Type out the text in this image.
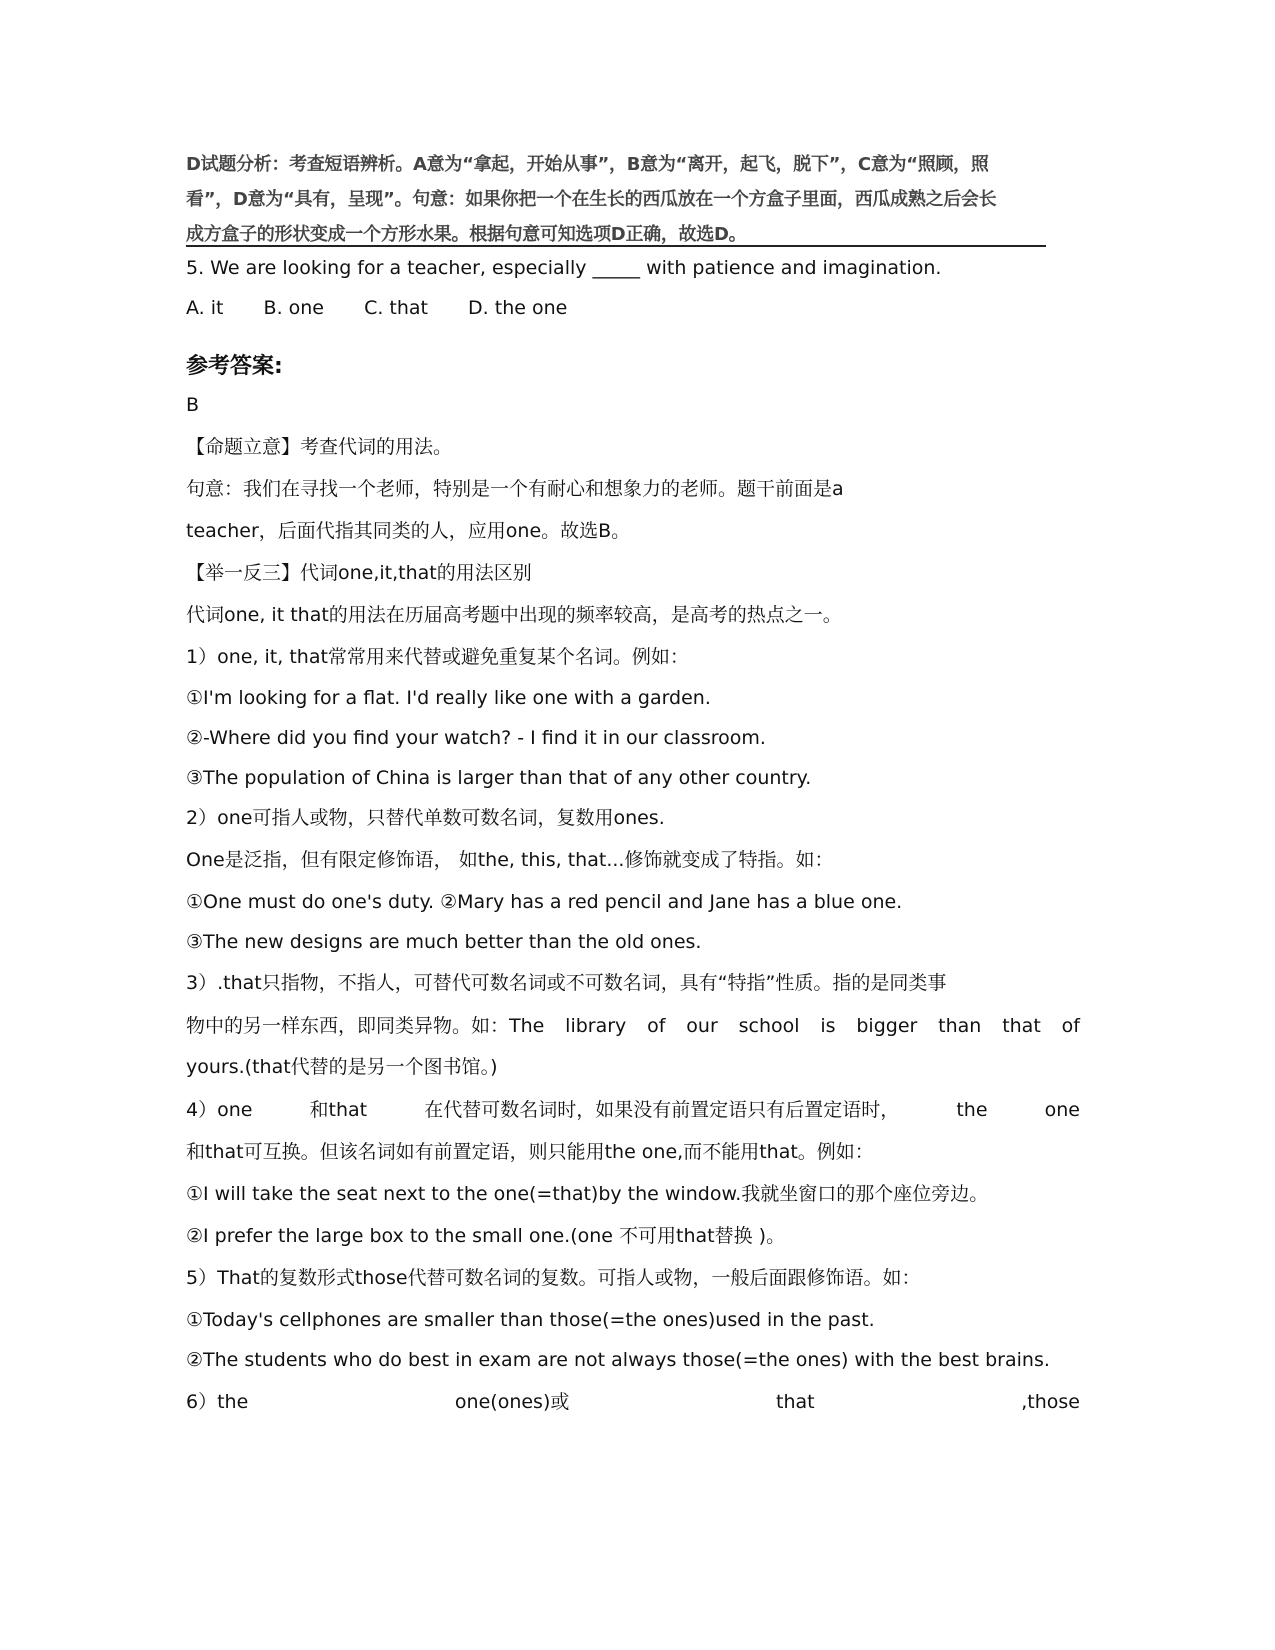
D试题分析：考查短语辨析。A意为“拿起，开始从事”，B意为“离开，起飞，脱下”，C意为“照顾，照
看”，D意为“具有，呈现”。句意：如果你把一个在生长的西瓜放在一个方盒子里面，西瓜成熟之后会长
成方盒子的形状变成一个方形水果。根据句意可知选项D正确，故选D。
5. We are looking for a teacher, especially _____ with patience and imagination.
A. it B. one C. that D. the one
参考答案:
B
【命题立意】考查代词的用法。
句意：我们在寻找一个老师，特别是一个有耐心和想象力的老师。题干前面是a
teacher，后面代指其同类的人，应用one。故选B。
【举一反三】代词one,it,that的用法区别
代词one, it that的用法在历届高考题中出现的频率较高，是高考的热点之一。
1）one, it, that常常用来代替或避免重复某个名词。例如：
①I'm looking for a flat. I'd really like one with a garden.
②-Where did you find your watch? - I find it in our classroom.
③The population of China is larger than that of any other country.
2）one可指人或物，只替代单数可数名词，复数用ones.
One是泛指，但有限定修饰语， 如the, this, that...修饰就变成了特指。如：
①One must do one's duty. ②Mary has a red pencil and Jane has a blue one.
③The new designs are much better than the old ones.
3）.that只指物，不指人，可替代可数名词或不可数名词，具有“特指”性质。指的是同类事
物中的另一样东西，即同类异物。如：The library of our school is bigger than that of
yours.(that代替的是另一个图书馆。)
4）one	和that	在代替可数名词时，如果没有前置定语只有后置定语时，	the	one
和that可互换。但该名词如有前置定语，则只能用the one,而不能用that。例如：
①I will take the seat next to the one(=that)by the window.我就坐窗口的那个座位旁边。
②I prefer the large box to the small one.(one 不可用that替换 )。
5）That的复数形式those代替可数名词的复数。可指人或物，一般后面跟修饰语。如：
①Today's cellphones are smaller than those(=the ones)used in the past.
②The students who do best in exam are not always those(=the ones) with the best brains.
6）the	one(ones)或	that	,those
